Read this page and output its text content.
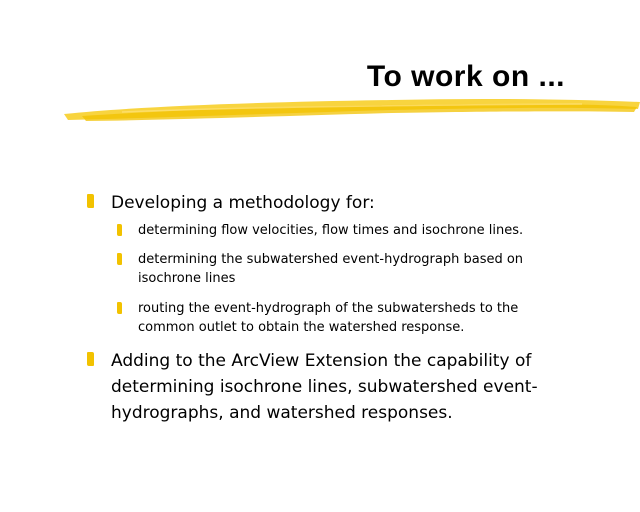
To work on ...
Developing a methodology for:
determining flow velocities, flow times and isochrone lines.
determining the subwatershed event-hydrograph based on
isochrone lines
routing the event-hydrograph of the subwatersheds to the
common outlet to obtain the watershed response.
Adding to the ArcView Extension the capability of
determining isochrone lines, subwatershed event-
hydrographs, and watershed responses.
